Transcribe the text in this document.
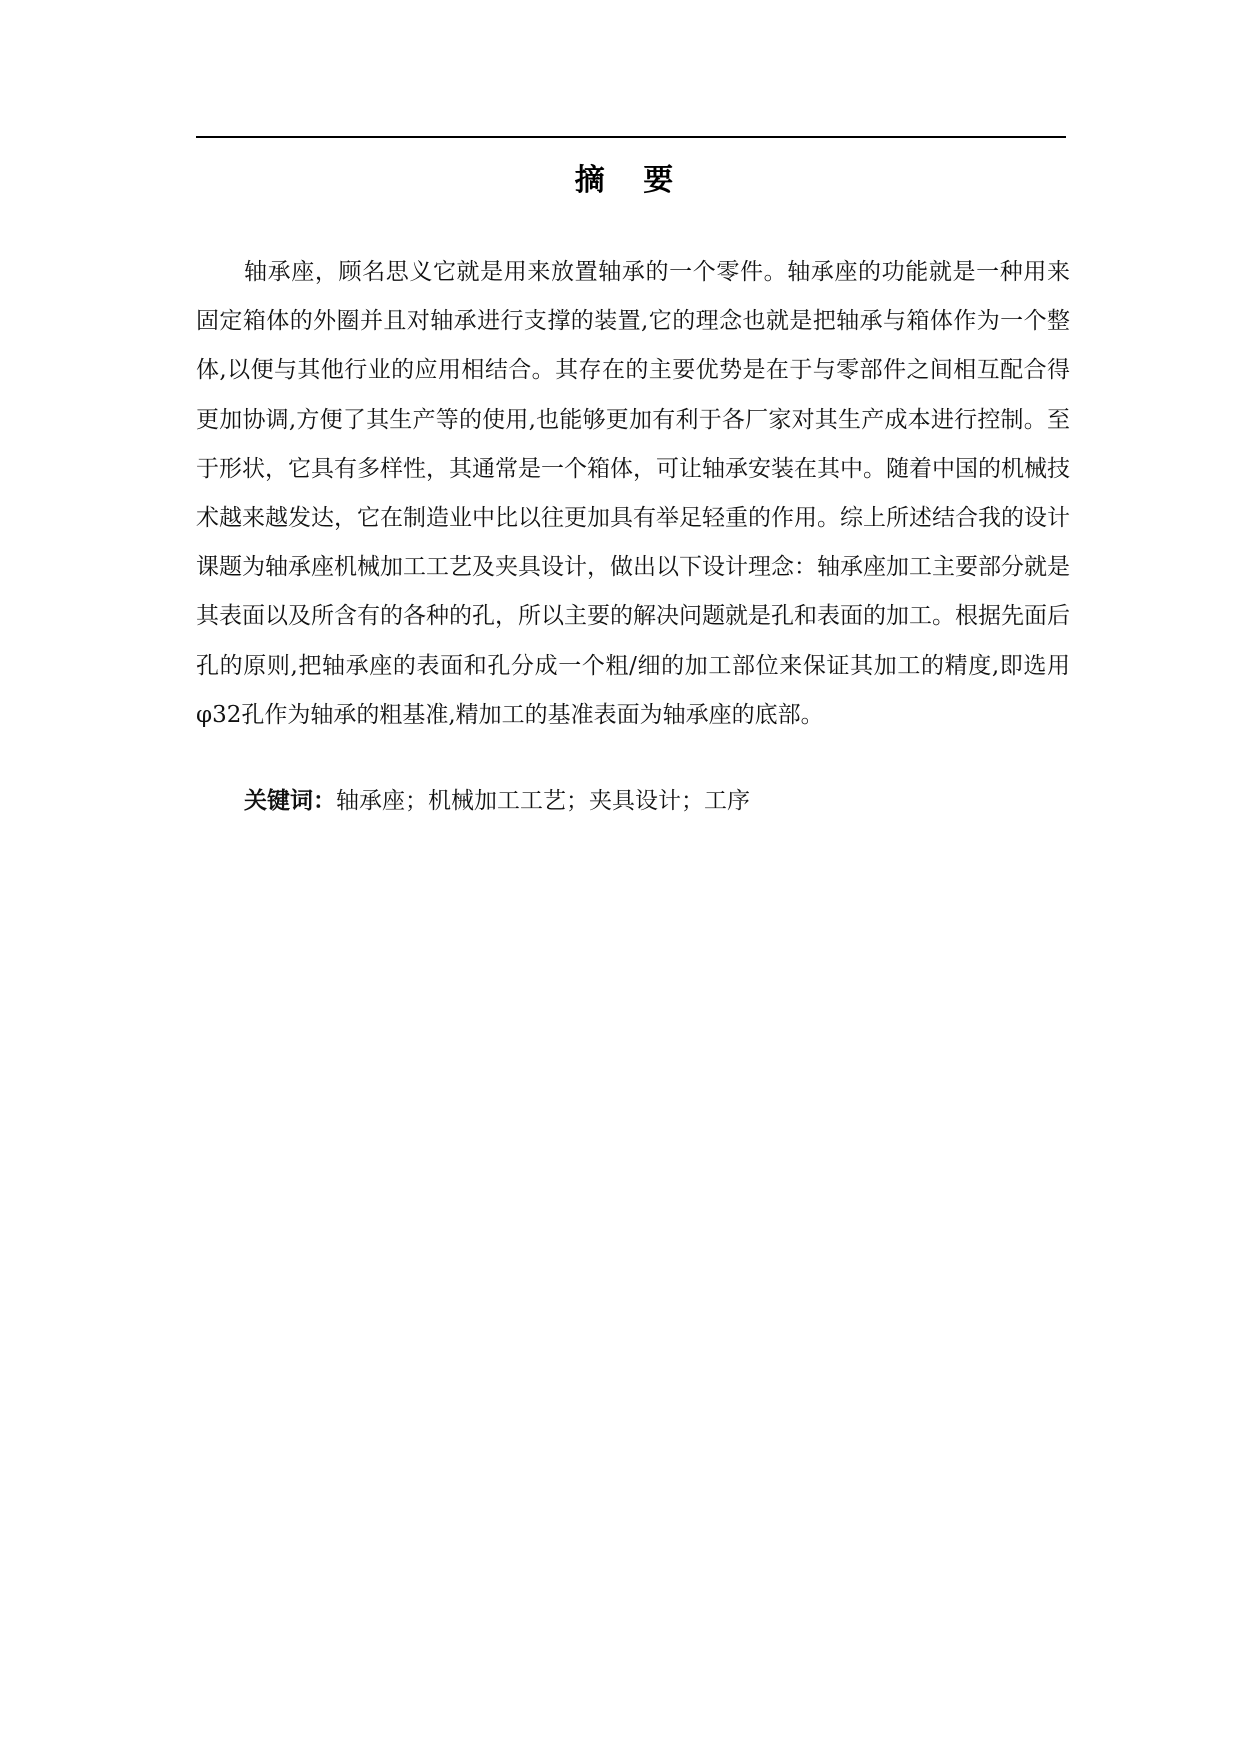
摘 要

轴承座，顾名思义它就是用来放置轴承的一个零件。轴承座的功能就是一种用来固定箱体的外圈并且对轴承进行支撑的装置,它的理念也就是把轴承与箱体作为一个整体,以便与其他行业的应用相结合。其存在的主要优势是在于与零部件之间相互配合得更加协调,方便了其生产等的使用,也能够更加有利于各厂家对其生产成本进行控制。至于形状，它具有多样性，其通常是一个箱体，可让轴承安装在其中。随着中国的机械技术越来越发达，它在制造业中比以往更加具有举足轻重的作用。综上所述结合我的设计课题为轴承座机械加工工艺及夹具设计，做出以下设计理念：轴承座加工主要部分就是其表面以及所含有的各种的孔，所以主要的解决问题就是孔和表面的加工。根据先面后孔的原则,把轴承座的表面和孔分成一个粗/细的加工部位来保证其加工的精度,即选用φ32孔作为轴承的粗基准,精加工的基准表面为轴承座的底部。

关键词：轴承座；机械加工工艺；夹具设计；工序
